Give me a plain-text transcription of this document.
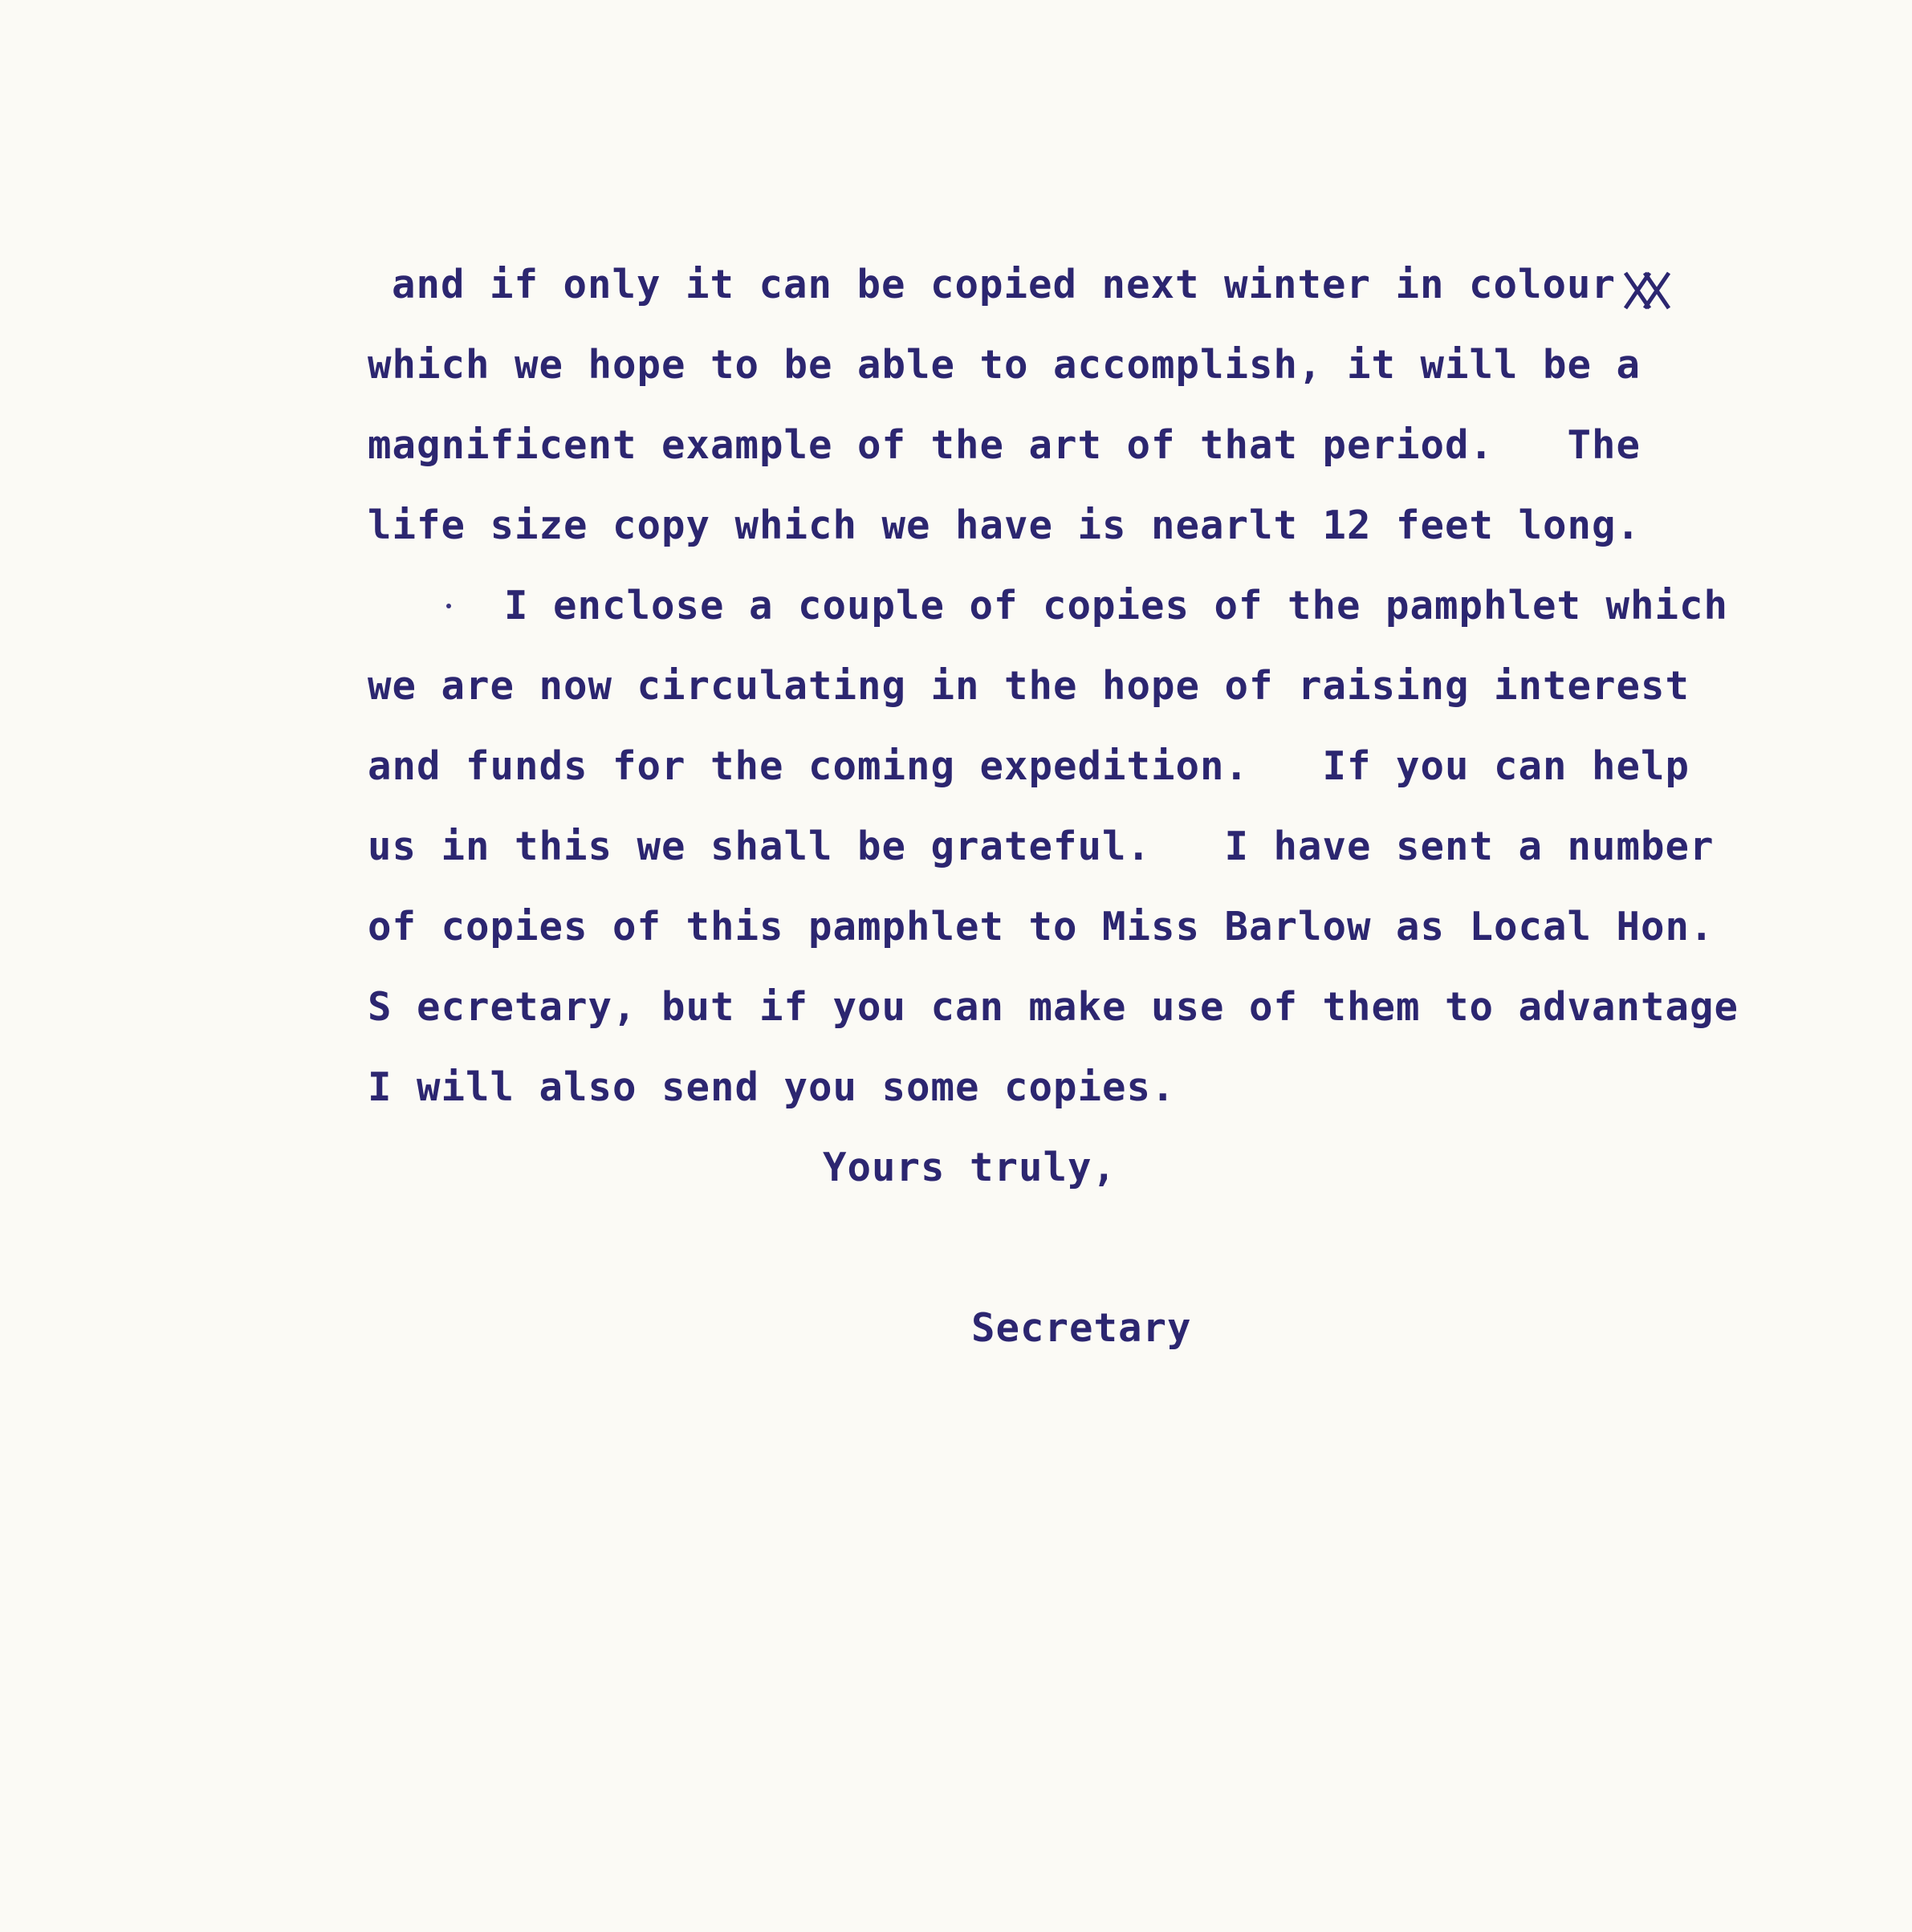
and if only it can be copied next winter in colour

which we hope to be able to accomplish, it will be a

magnificent example of the art of that period.   The

life size copy which we have is nearlt 12 feet long.

I enclose a couple of copies of the pamphlet which

we are now circulating in the hope of raising interest

and funds for the coming expedition.   If you can help

us in this we shall be grateful.   I have sent a number

of copies of this pamphlet to Miss Barlow as Local Hon.

S ecretary, but if you can make use of them to advantage

I will also send you some copies.

Yours truly,

Secretary
